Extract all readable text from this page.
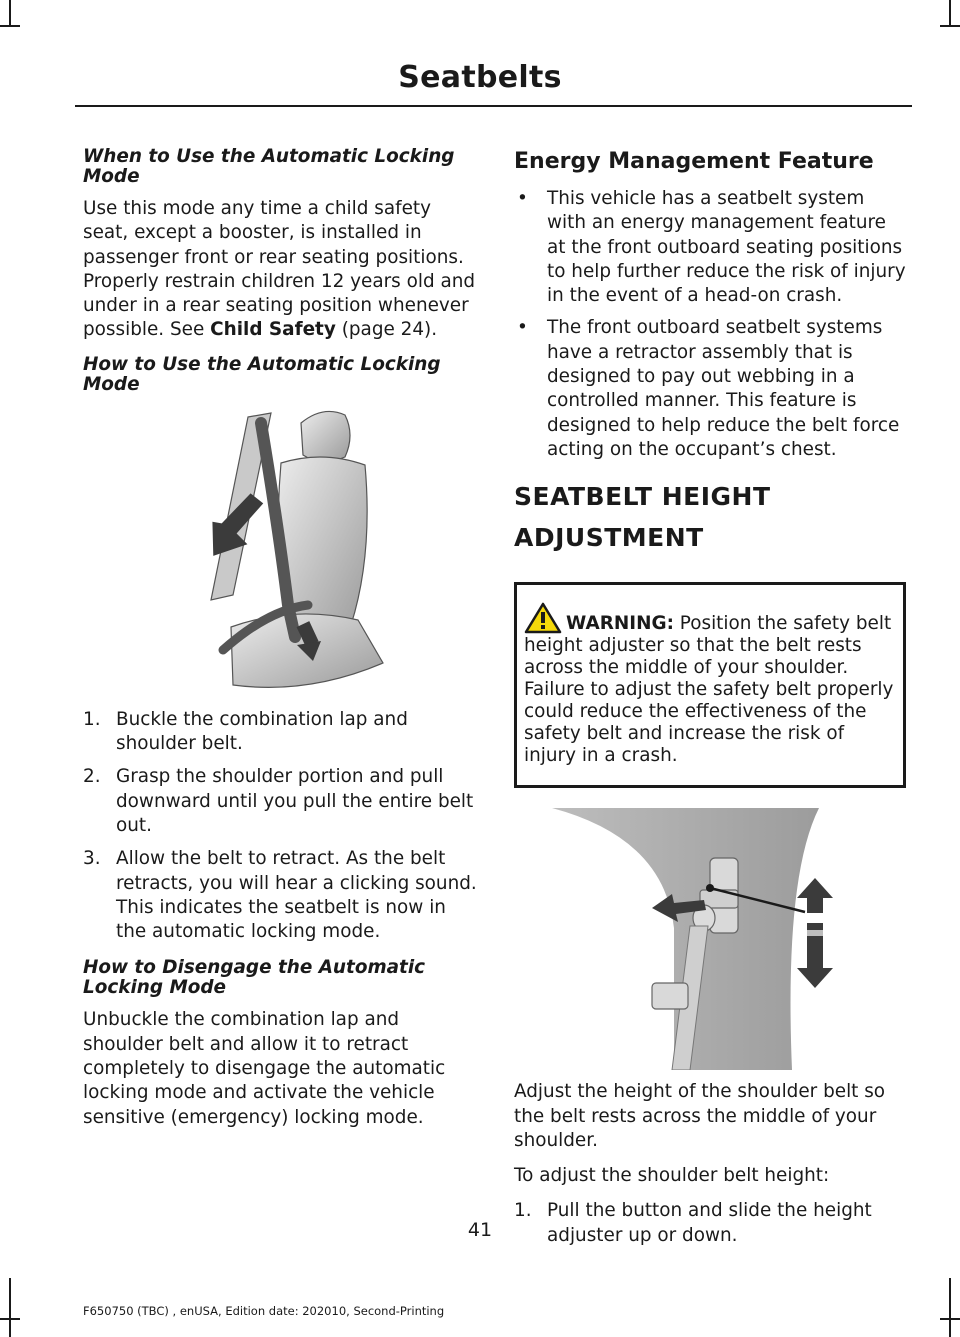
Seatbelts
When to Use the Automatic Locking Mode

Use this mode any time a child safety seat, except a booster, is installed in passenger front or rear seating positions. Properly restrain children 12 years old and under in a rear seating position whenever possible. See Child Safety (page 24).

How to Use the Automatic Locking Mode
1. Buckle the combination lap and shoulder belt.
2. Grasp the shoulder portion and pull downward until you pull the entire belt out.
3. Allow the belt to retract. As the belt retracts, you will hear a clicking sound. This indicates the seatbelt is now in the automatic locking mode.
How to Disengage the Automatic Locking Mode

Unbuckle the combination lap and shoulder belt and allow it to retract completely to disengage the automatic locking mode and activate the vehicle sensitive (emergency) locking mode.

Energy Management Feature
• This vehicle has a seatbelt system with an energy management feature at the front outboard seating positions to help further reduce the risk of injury in the event of a head-on crash.
• The front outboard seatbelt systems have a retractor assembly that is designed to pay out webbing in a controlled manner. This feature is designed to help reduce the belt force acting on the occupant’s chest.
SEATBELT HEIGHT
ADJUSTMENT
WARNING: Position the safety belt height adjuster so that the belt rests across the middle of your shoulder. Failure to adjust the safety belt properly could reduce the effectiveness of the safety belt and increase the risk of injury in a crash.

Adjust the height of the shoulder belt so the belt rests across the middle of your shoulder.

To adjust the shoulder belt height:

1. Pull the button and slide the height adjuster up or down.
41
F650750 (TBC) , enUSA, Edition date: 202010, Second-Printing
